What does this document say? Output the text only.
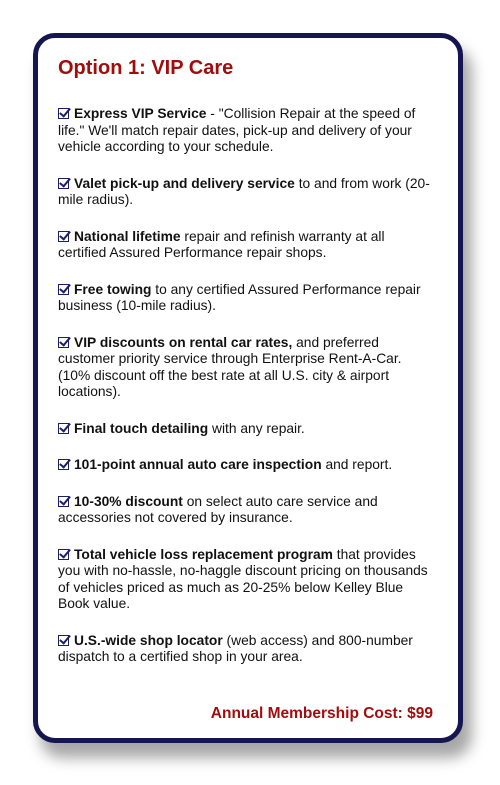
Option 1: VIP Care
Express VIP Service - "Collision Repair at the speed of life." We'll match repair dates, pick-up and delivery of your vehicle according to your schedule.
Valet pick-up and delivery service to and from work (20-mile radius).
National lifetime repair and refinish warranty at all certified Assured Performance repair shops.
Free towing to any certified Assured Performance repair business (10-mile radius).
VIP discounts on rental car rates, and preferred customer priority service through Enterprise Rent-A-Car. (10% discount off the best rate at all U.S. city & airport locations).
Final touch detailing with any repair.
101-point annual auto care inspection and report.
10-30% discount on select auto care service and accessories not covered by insurance.
Total vehicle loss replacement program that provides you with no-hassle, no-haggle discount pricing on thousands of vehicles priced as much as 20-25% below Kelley Blue Book value.
U.S.-wide shop locator (web access) and 800-number dispatch to a certified shop in your area.
Annual Membership Cost: $99
